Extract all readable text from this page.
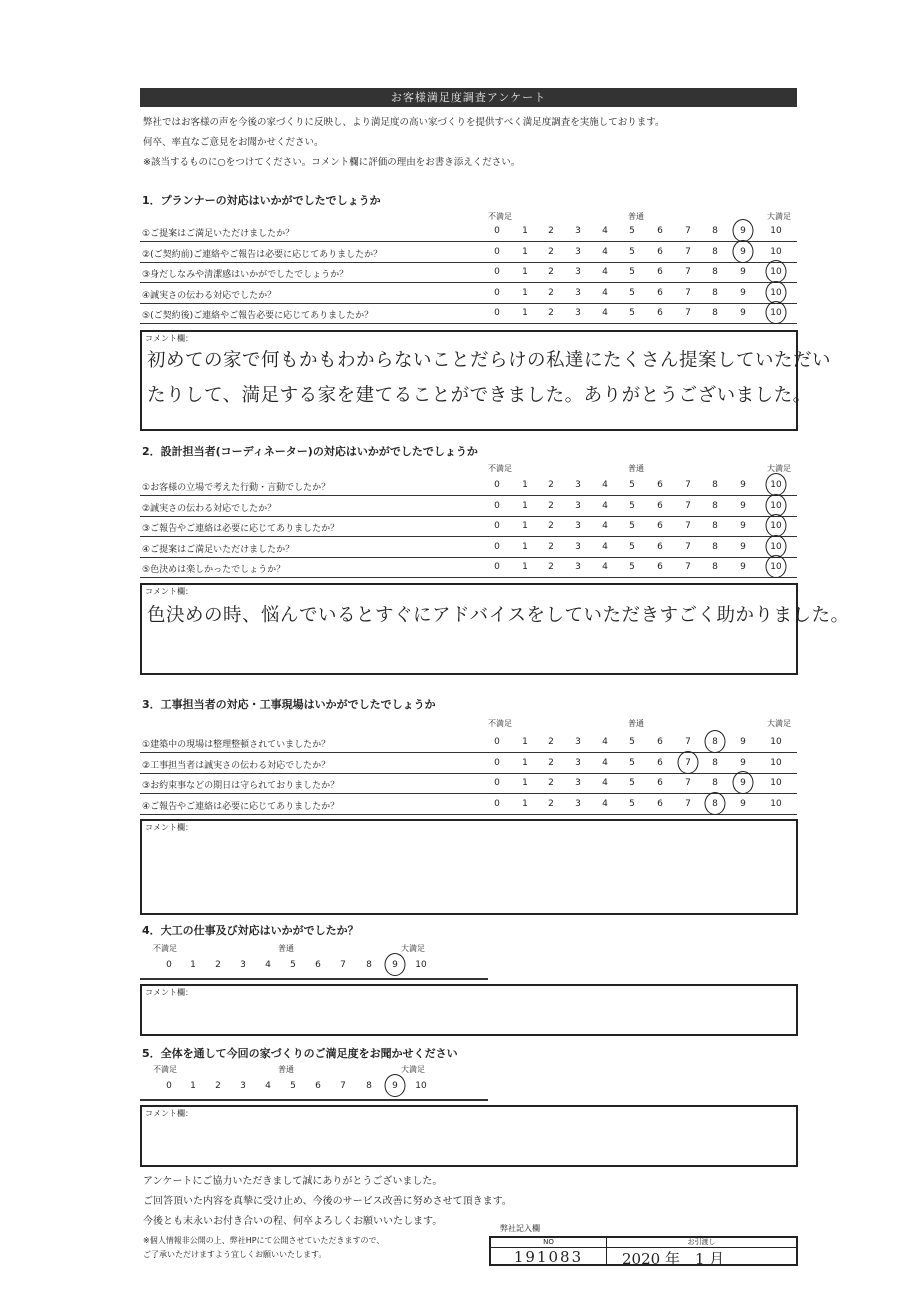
お客様満足度調査アンケート
弊社ではお客様の声を今後の家づくりに反映し、より満足度の高い家づくりを提供すべく満足度調査を実施しております。
何卒、率直なご意見をお聞かせください。
※該当するものに○をつけてください。コメント欄に評価の理由をお書き添えください。
1．プランナーの対応はいかがでしたでしょうか
不満足	普通	大満足
①ご提案はご満足いただけましたか？	0	1	2	3	4	5	6	7	8	9	10
②(ご契約前)ご連絡やご報告は必要に応じてありましたか？	0	1	2	3	4	5	6	7	8	9	10
③身だしなみや清潔感はいかがでしたでしょうか？	0	1	2	3	4	5	6	7	8	9	10
④誠実さの伝わる対応でしたか？	0	1	2	3	4	5	6	7	8	9	10
⑤(ご契約後)ご連絡やご報告必要に応じてありましたか？	0	1	2	3	4	5	6	7	8	9	10
コメント欄：
初めての家で何もかもわからないことだらけの私達にたくさん提案していただい
たりして、満足する家を建てることができました。ありがとうございました。
2．設計担当者(コーディネーター)の対応はいかがでしたでしょうか
不満足	普通	大満足
①お客様の立場で考えた行動・言動でしたか？	0	1	2	3	4	5	6	7	8	9	10
②誠実さの伝わる対応でしたか？	0	1	2	3	4	5	6	7	8	9	10
③ご報告やご連絡は必要に応じてありましたか？	0	1	2	3	4	5	6	7	8	9	10
④ご提案はご満足いただけましたか？	0	1	2	3	4	5	6	7	8	9	10
⑤色決めは楽しかったでしょうか？	0	1	2	3	4	5	6	7	8	9	10
コメント欄：
色決めの時、悩んでいるとすぐにアドバイスをしていただきすごく助かりました。
3．工事担当者の対応・工事現場はいかがでしたでしょうか
不満足	普通	大満足
①建築中の現場は整理整頓されていましたか？	0	1	2	3	4	5	6	7	8	9	10
②工事担当者は誠実さの伝わる対応でしたか？	0	1	2	3	4	5	6	7	8	9	10
③お約束事などの期日は守られておりましたか？	0	1	2	3	4	5	6	7	8	9	10
④ご報告やご連絡は必要に応じてありましたか？	0	1	2	3	4	5	6	7	8	9	10
コメント欄：
4．大工の仕事及び対応はいかがでしたか？
不満足	普通	大満足
0	1	2	3	4	5	6	7	8	9	10
コメント欄：
5．全体を通して今回の家づくりのご満足度をお聞かせください
不満足	普通	大満足
0	1	2	3	4	5	6	7	8	9	10
コメント欄：
アンケートにご協力いただきまして誠にありがとうございました。
ご回答頂いた内容を真摯に受け止め、今後のサービス改善に努めさせて頂きます。
今後とも末永いお付き合いの程、何卒よろしくお願いいたします。
※個人情報非公開の上、弊社HPにて公開させていただきますので、
ご了承いただけますよう宜しくお願いいたします。
弊社記入欄
NO	お引渡し
191083	2020 年　1 月
